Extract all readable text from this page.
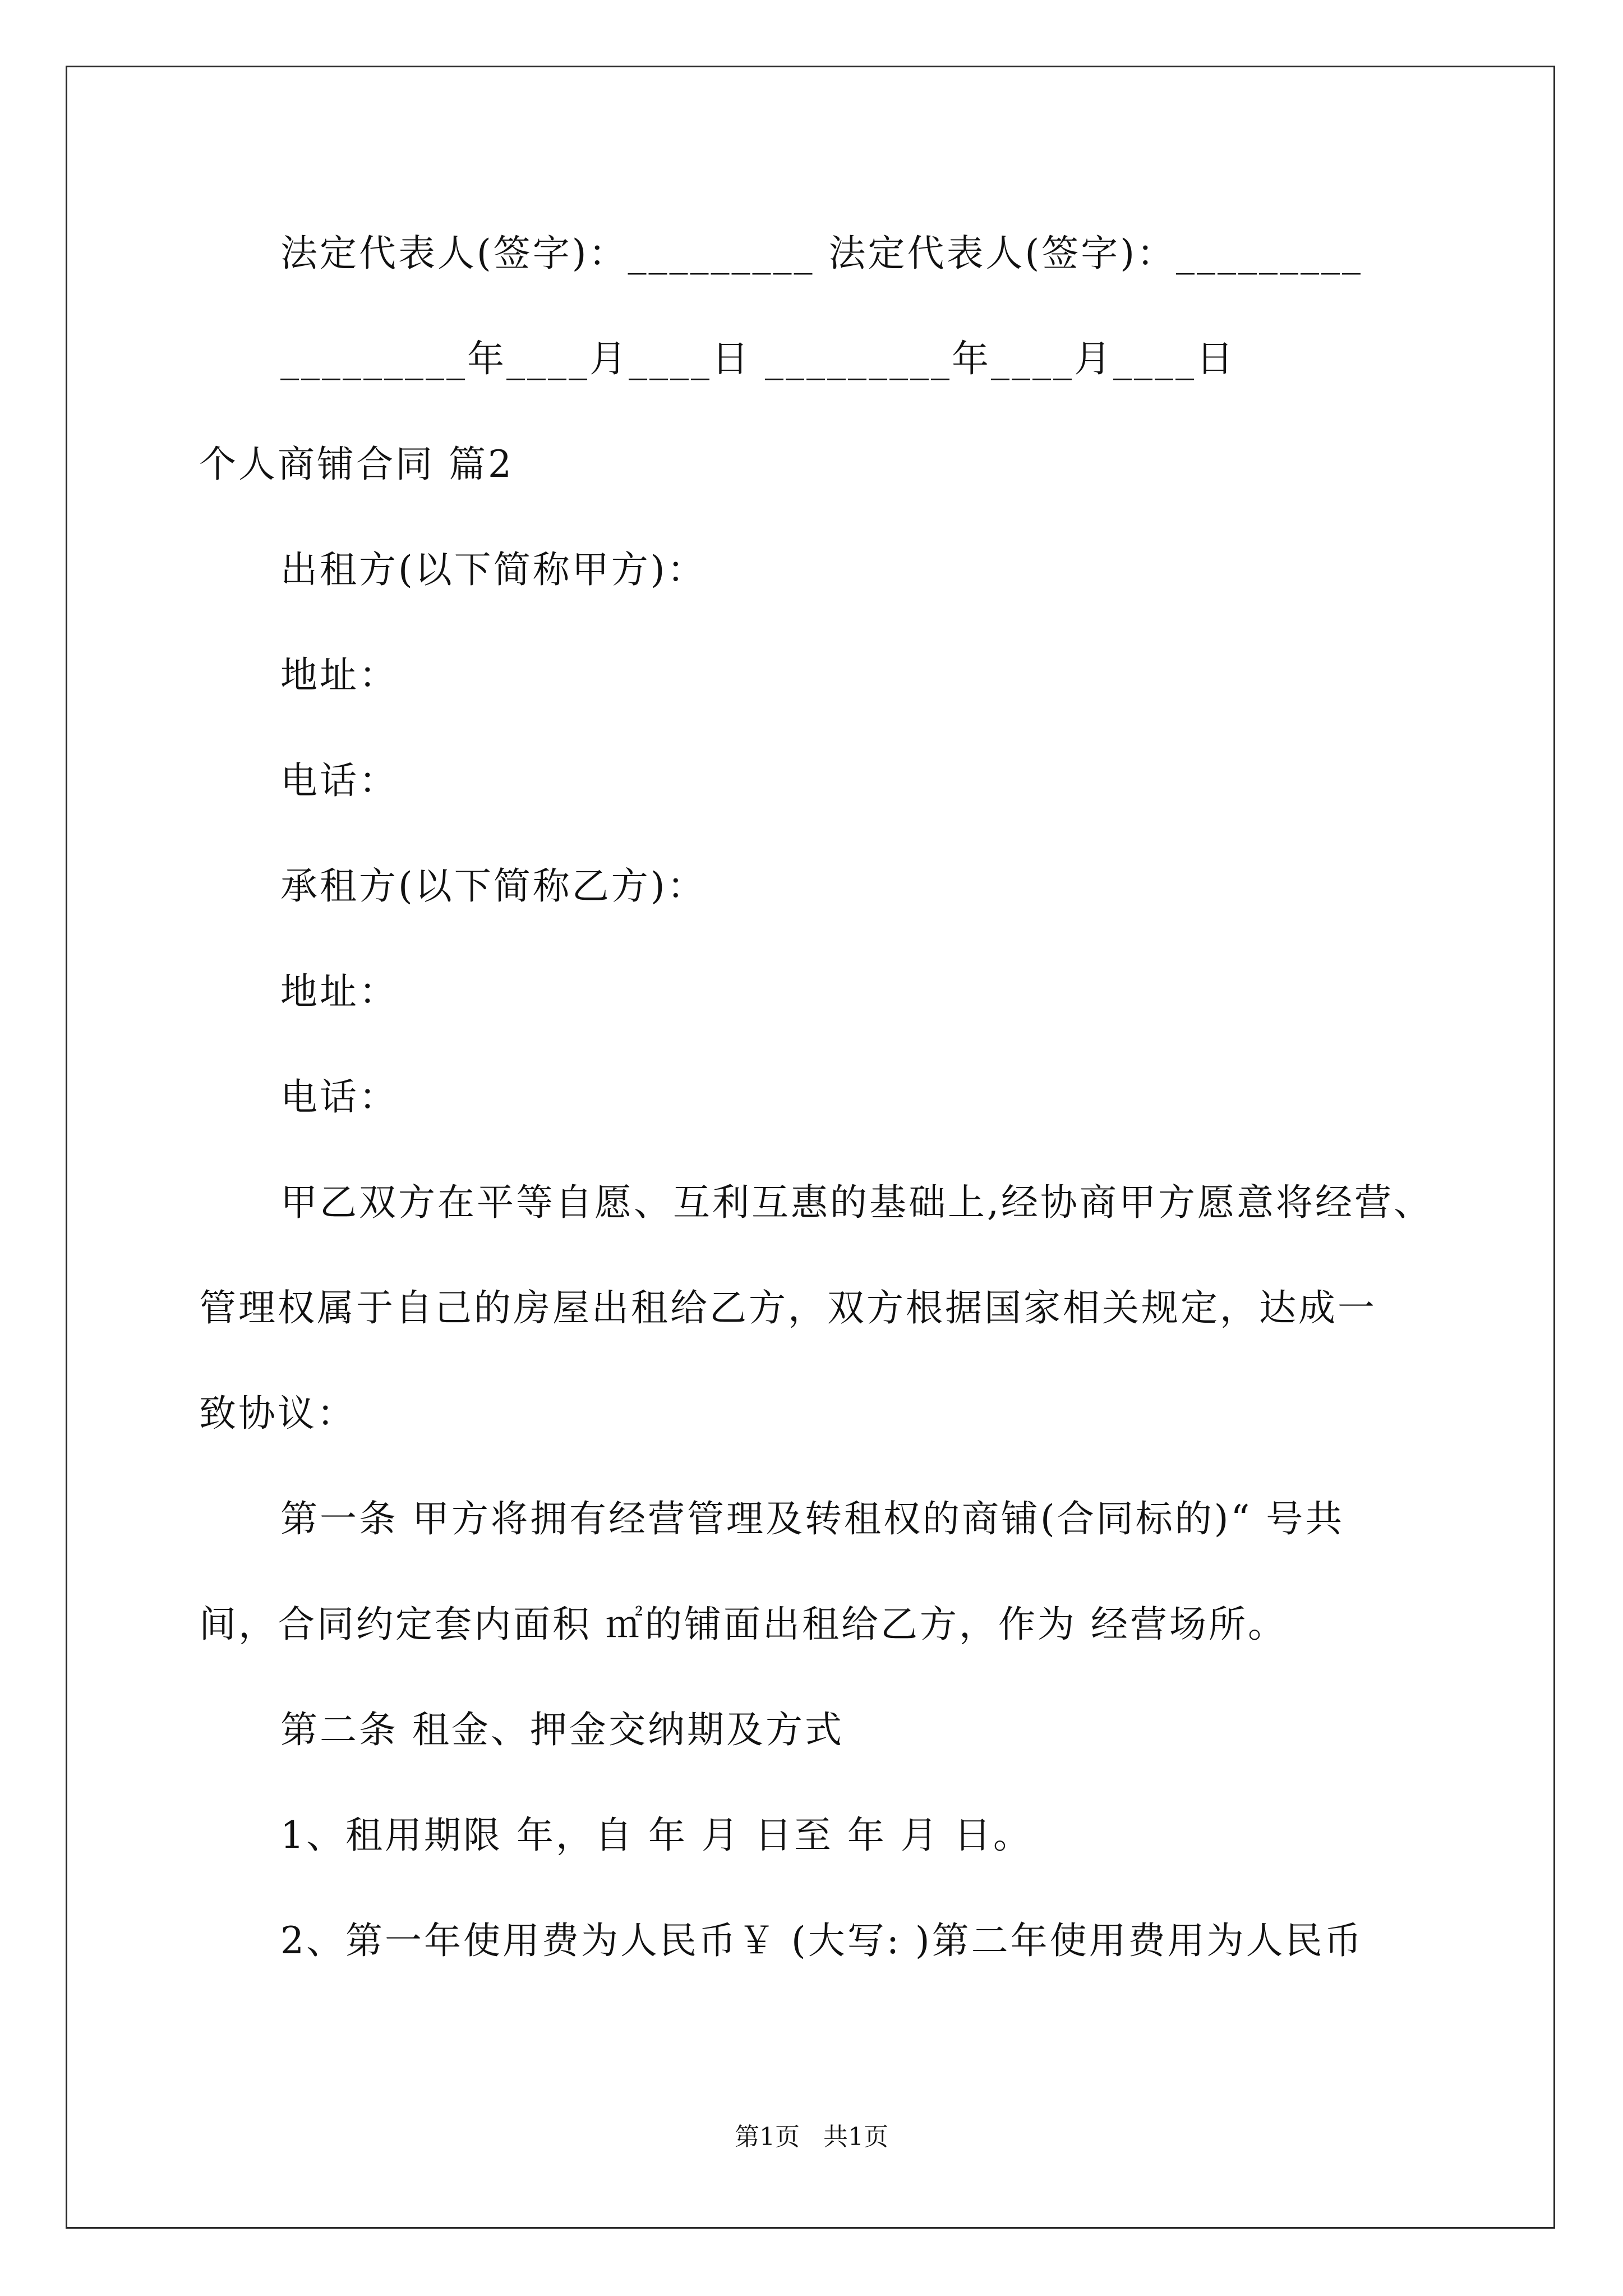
法定代表人(签字)：_________ 法定代表人(签字)：_________
_________年____月____日 _________年____月____日
个人商铺合同 篇2
出租方(以下简称甲方)：
地址：
电话：
承租方(以下简称乙方)：
地址：
电话：
甲乙双方在平等自愿、互利互惠的基础上,经协商甲方愿意将经营、
管理权属于自己的房屋出租给乙方，双方根据国家相关规定，达成一
致协议：
第一条 甲方将拥有经营管理及转租权的商铺(合同标的)“ 号共
间，合同约定套内面积 ㎡的铺面出租给乙方，作为 经营场所。
第二条 租金、押金交纳期及方式
1、租用期限 年，自 年 月 日至 年 月 日。
2、第一年使用费为人民币￥ (大写: )第二年使用费用为人民币
第1页   共1页
